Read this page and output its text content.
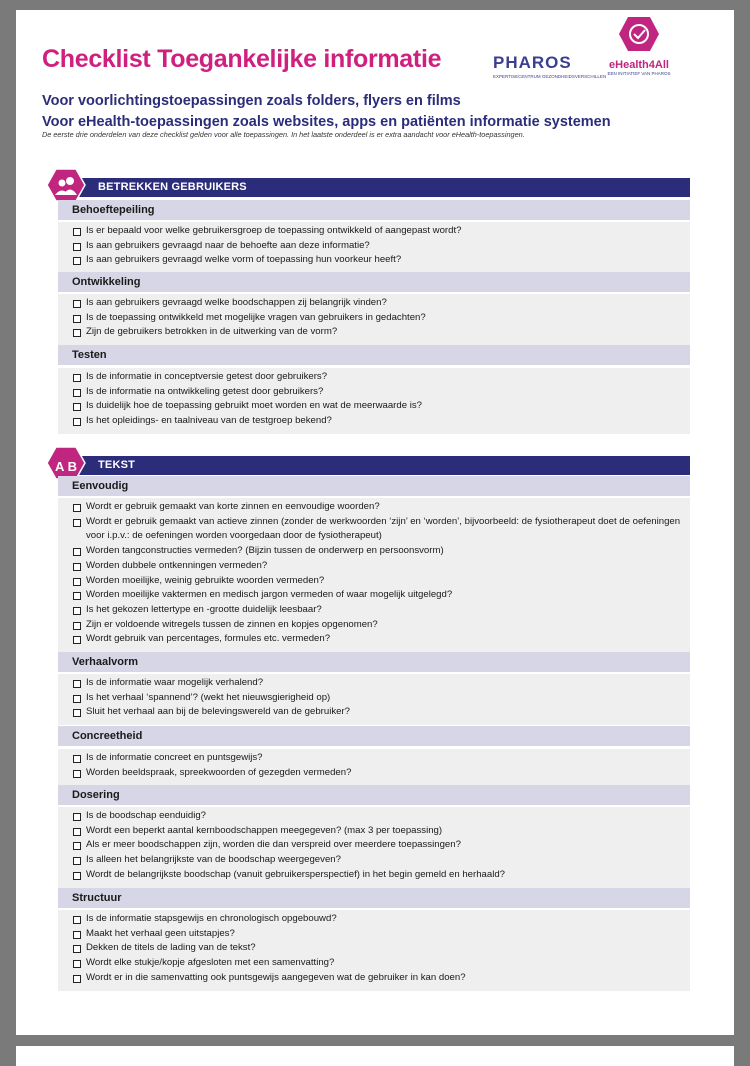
Checklist Toegankelijke informatie
Voor voorlichtingstoepassingen zoals folders, flyers en films
Voor eHealth-toepassingen zoals websites, apps en patiënten informatie systemen
De eerste drie onderdelen van deze checklist gelden voor alle toepassingen. In het laatste onderdeel is er extra aandacht voor eHealth-toepassingen.
PHAROS
EXPERTISECENTRUM GEZONDHEIDSVERSCHILLEN
eHealth4All
EEN INITIATIEF VAN PHAROS
BETREKKEN GEBRUIKERS
Behoeftepeiling
Is er bepaald voor welke gebruikersgroep de toepassing ontwikkeld of aangepast wordt?
Is aan gebruikers gevraagd naar de behoefte aan deze informatie?
Is aan gebruikers gevraagd welke vorm of toepassing hun voorkeur heeft?
Ontwikkeling
Is aan gebruikers gevraagd welke boodschappen zij belangrijk vinden?
Is de toepassing ontwikkeld met mogelijke vragen van gebruikers in gedachten?
Zijn de gebruikers betrokken in de uitwerking van de vorm?
Testen
Is de informatie in conceptversie getest door gebruikers?
Is de informatie na ontwikkeling getest door gebruikers?
Is duidelijk hoe de toepassing gebruikt moet worden en wat de meerwaarde is?
Is het opleidings- en taalniveau van de testgroep bekend?
TEKST
A B
Eenvoudig
Wordt er gebruik gemaakt van korte zinnen en eenvoudige woorden?
Wordt er gebruik gemaakt van actieve zinnen (zonder de werkwoorden ‘zijn’ en ‘worden’, bijvoorbeeld: de fysiotherapeut doet de oefeningen voor i.p.v.: de oefeningen worden voorgedaan door de fysiotherapeut)
Worden tangconstructies vermeden? (Bijzin tussen de onderwerp en persoonsvorm)
Worden dubbele ontkenningen vermeden?
Worden moeilijke, weinig gebruikte woorden vermeden?
Worden moeilijke vaktermen en medisch jargon vermeden of waar mogelijk uitgelegd?
Is het gekozen lettertype en -grootte duidelijk leesbaar?
Zijn er voldoende witregels tussen de zinnen en kopjes opgenomen?
Wordt gebruik van percentages, formules etc. vermeden?
Verhaalvorm
Is de informatie waar mogelijk verhalend?
Is het verhaal ‘spannend’? (wekt het nieuwsgierigheid op)
Sluit het verhaal aan bij de belevingswereld van de gebruiker?
Concreetheid
Is de informatie concreet en puntsgewijs?
Worden beeldspraak, spreekwoorden of gezegden vermeden?
Dosering
Is de boodschap eenduidig?
Wordt een beperkt aantal kernboodschappen meegegeven? (max 3 per toepassing)
Als er meer boodschappen zijn, worden die dan verspreid over meerdere toepassingen?
Is alleen het belangrijkste van de boodschap weergegeven?
Wordt de belangrijkste boodschap (vanuit gebruikersperspectief) in het begin gemeld en herhaald?
Structuur
Is de informatie stapsgewijs en chronologisch opgebouwd?
Maakt het verhaal geen uitstapjes?
Dekken de titels de lading van de tekst?
Wordt elke stukje/kopje afgesloten met een samenvatting?
Wordt er in die samenvatting ook puntsgewijs aangegeven wat de gebruiker in kan doen?
